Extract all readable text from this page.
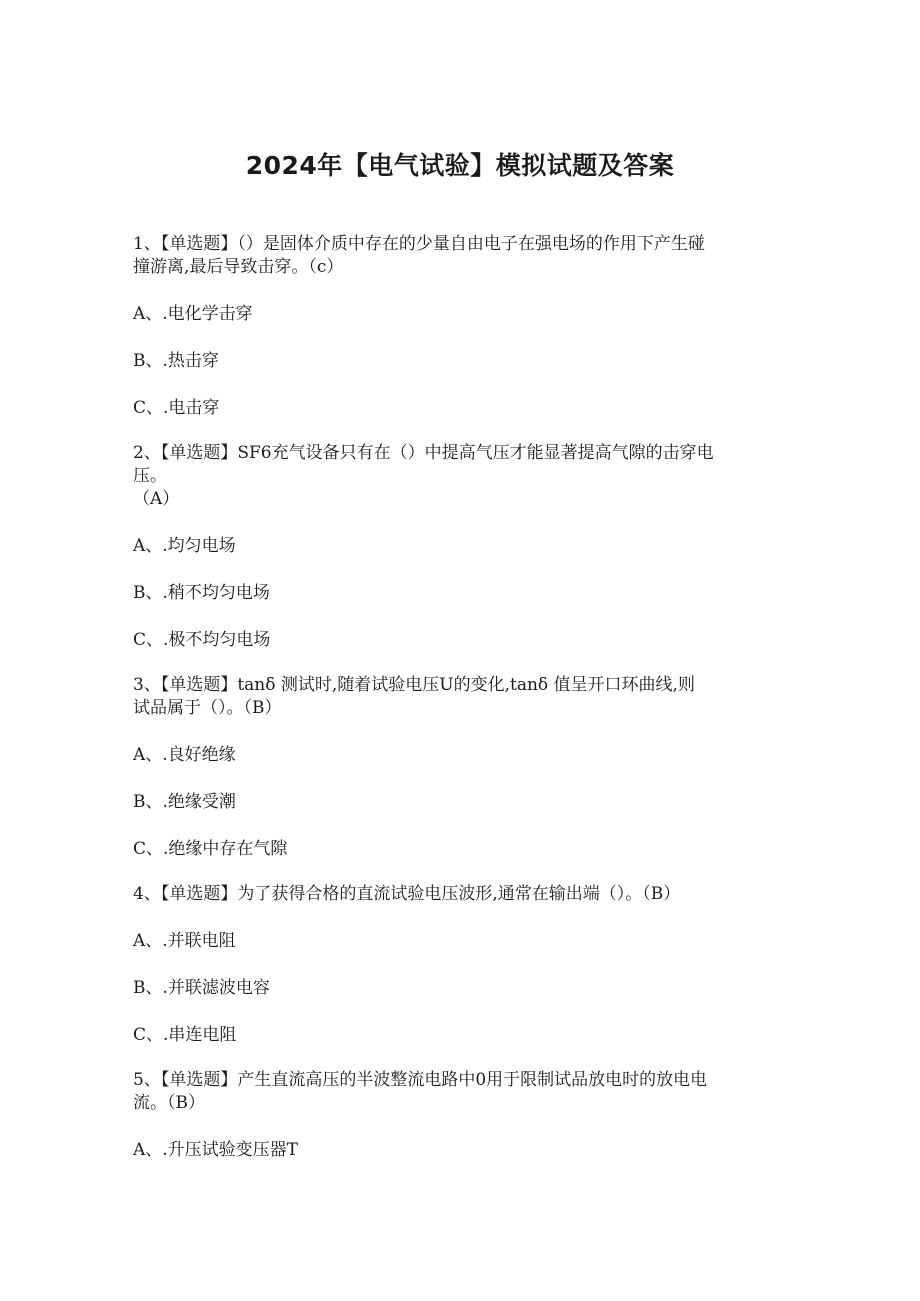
2024年【电气试验】模拟试题及答案

1、【单选题】（）是固体介质中存在的少量自由电子在强电场的作用下产生碰

撞游离,最后导致击穿。（c）

A、.电化学击穿

B、.热击穿

C、.电击穿

2、【单选题】SF6充气设备只有在（）中提高气压才能显著提高气隙的击穿电

压。

（A）

A、.均匀电场

B、.稍不均匀电场

C、.极不均匀电场

3、【单选题】tanδ 测试时,随着试验电压U的变化,tanδ 值呈开口环曲线,则

试品属于（）。（B）

A、.良好绝缘

B、.绝缘受潮

C、.绝缘中存在气隙

4、【单选题】为了获得合格的直流试验电压波形,通常在输出端（）。（B）

A、.并联电阻

B、.并联滤波电容

C、.串连电阻

5、【单选题】产生直流高压的半波整流电路中0用于限制试品放电时的放电电

流。（B）

A、.升压试验变压器T
